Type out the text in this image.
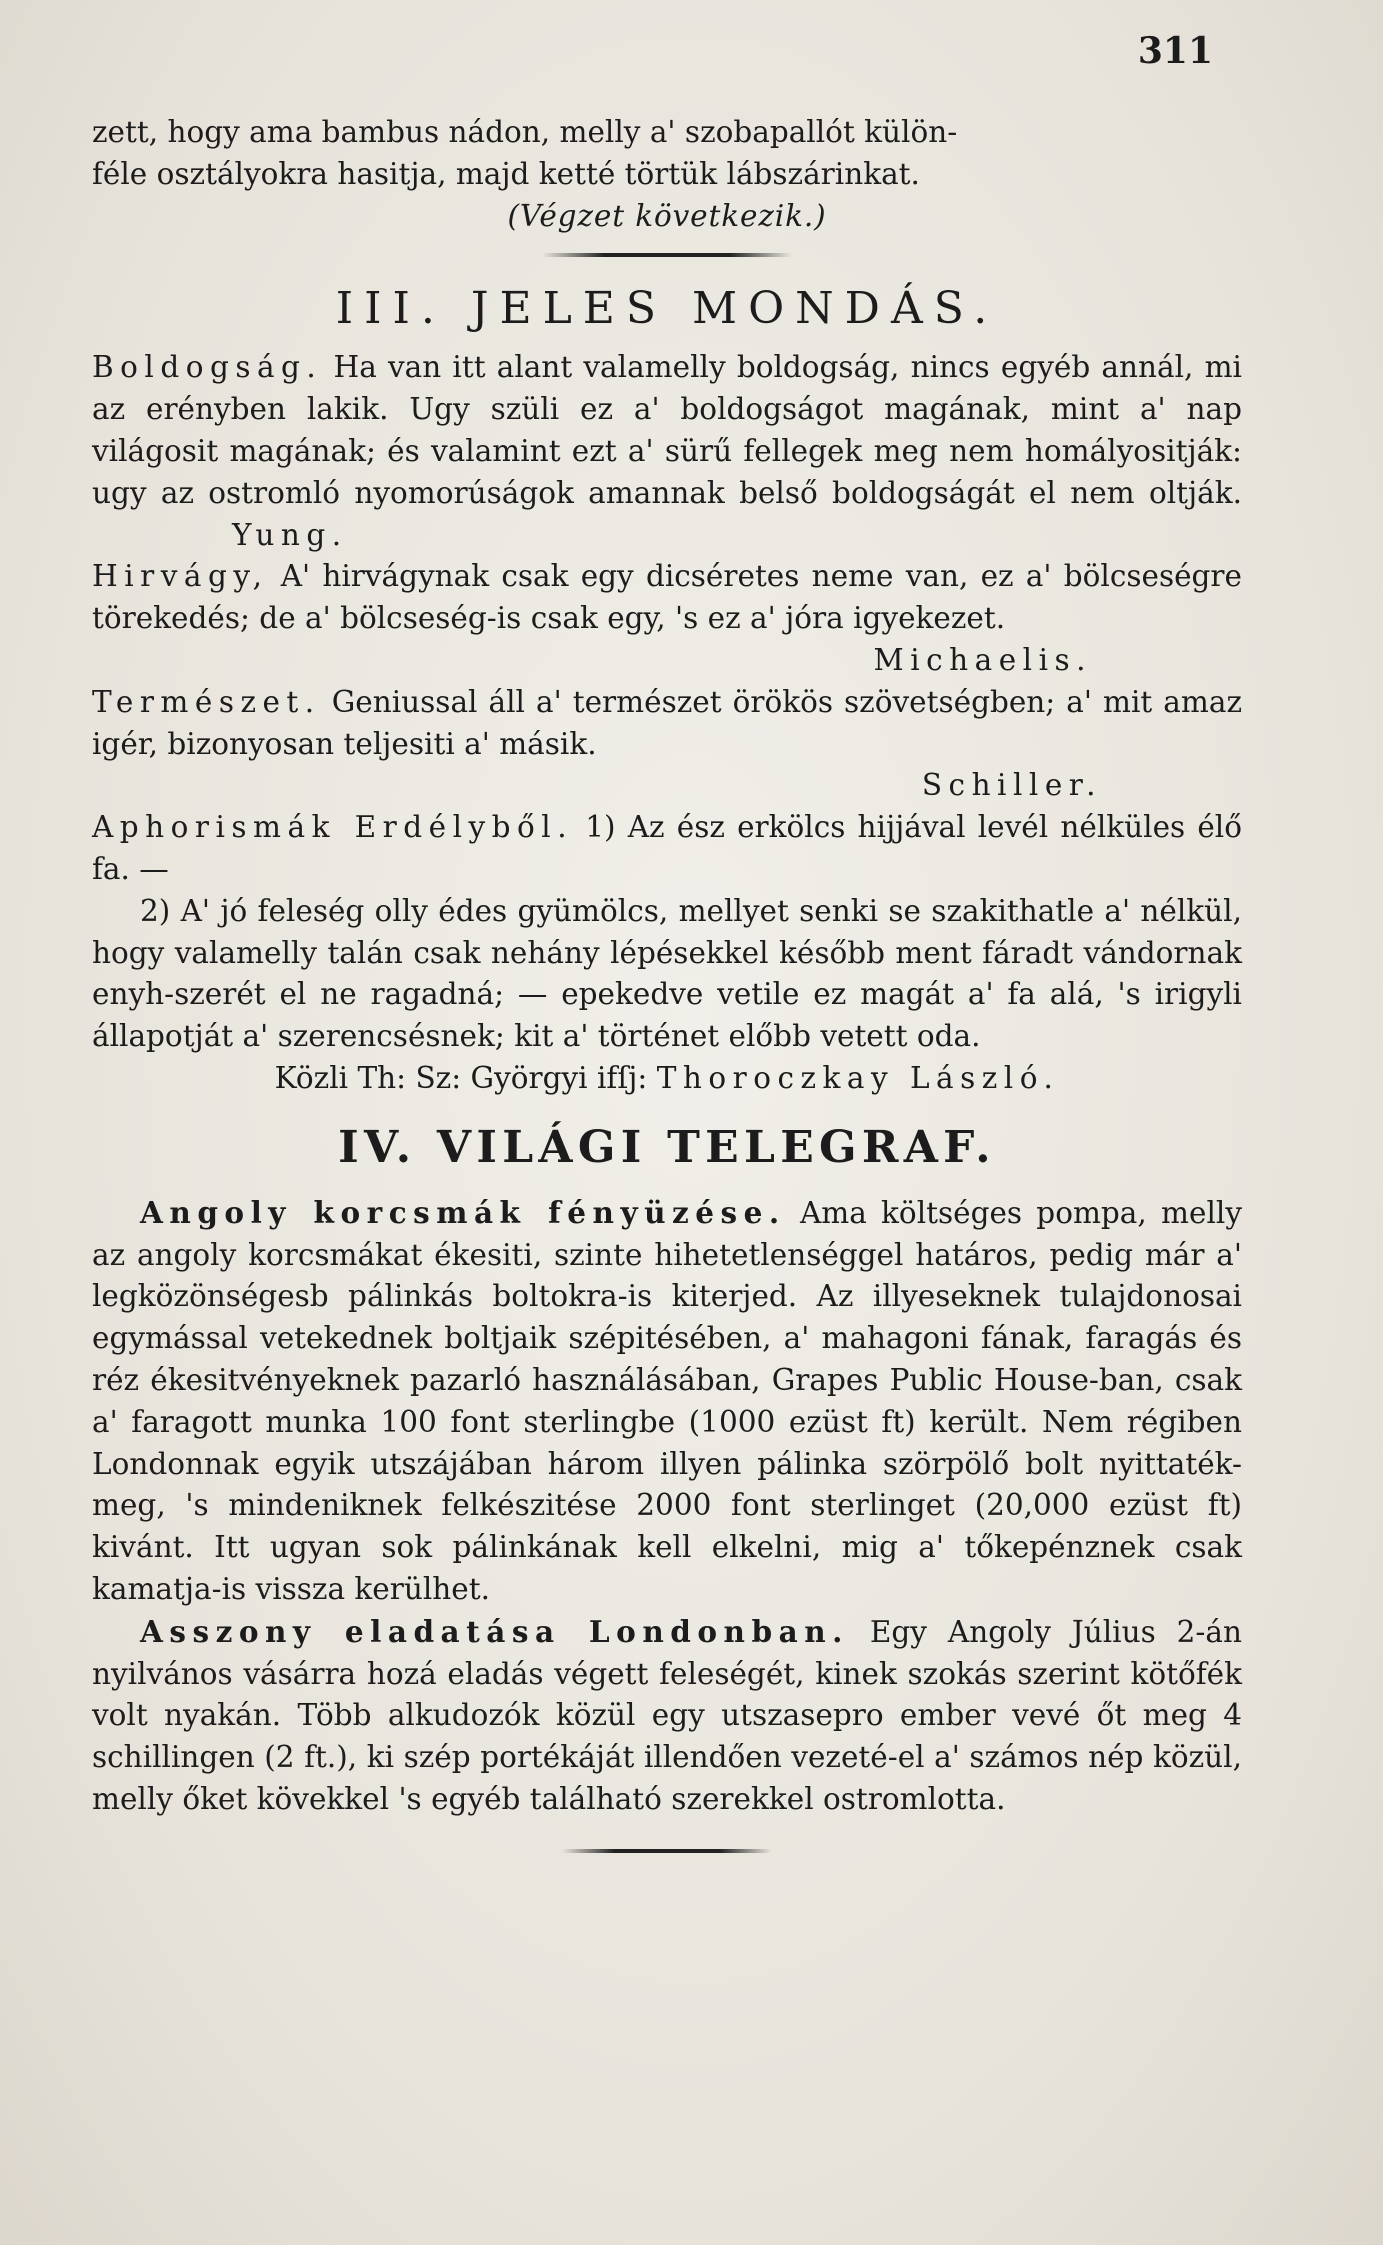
311

zett, hogy ama bambus nádon, melly a' szobapallót külön-

féle osztályokra hasitja, majd ketté törtük lábszárinkat.

(Végzet következik.)

III. JELES MONDÁS.

Boldogság. Ha van itt alant valamelly boldogság, nincs egyéb annál, mi az erényben lakik. Ugy szüli ez a' boldogságot magának, mint a' nap világosit magának; és valamint ezt a' sürű fellegek meg nem homályositják: ugy az ostromló nyomorúságok amannak belső boldogságát el nem oltják. Yung.

Hirvágy, A' hirvágynak csak egy dicséretes neme van, ez a' bölcseségre törekedés; de a' bölcseség-is csak egy, 's ez a' jóra igyekezet.

Michaelis.

Természet. Geniussal áll a' természet örökös szövetségben; a' mit amaz igér, bizonyosan teljesiti a' másik.

Schiller.

Aphorismák Erdélyből. 1) Az ész erkölcs hijjával levél nélküles élő fa. —

2) A' jó feleség olly édes gyümölcs, mellyet senki se szakithatle a' nélkül, hogy valamelly talán csak nehány lépésekkel később ment fáradt vándornak enyh-szerét el ne ragadná; — epekedve vetile ez magát a' fa alá, 's irigyli állapotját a' szerencsésnek; kit a' történet előbb vetett oda.

Közli Th: Sz: Györgyi ifſj: Thoroczkay László.

IV. VILÁGI TELEGRAF.

Angoly korcsmák fényüzése. Ama költséges pompa, melly az angoly korcsmákat ékesiti, szinte hihetetlenséggel határos, pedig már a' legközönségesb pálinkás boltokra-is kiterjed. Az illyeseknek tulajdonosai egymással vetekednek boltjaik szépitésében, a' mahagoni fának, faragás és réz ékesitvényeknek pazarló használásában, Grapes Public House-ban, csak a' faragott munka 100 font sterlingbe (1000 ezüst ft) került. Nem régiben Londonnak egyik utszájában három illyen pálinka szörpölő bolt nyittaték-meg, 's mindeniknek felkészitése 2000 font sterlinget (20,000 ezüst ft) kivánt. Itt ugyan sok pálinkának kell elkelni, mig a' tőkepénznek csak kamatja-is vissza kerülhet.

Asszony eladatása Londonban. Egy Angoly Július 2-án nyilvános vásárra hozá eladás végett feleségét, kinek szokás szerint kötőfék volt nyakán. Több alkudozók közül egy utszasepro ember vevé őt meg 4 schillingen (2 ft.), ki szép portékáját illendően vezeté-el a' számos nép közül, melly őket kövekkel 's egyéb található szerekkel ostromlotta.
